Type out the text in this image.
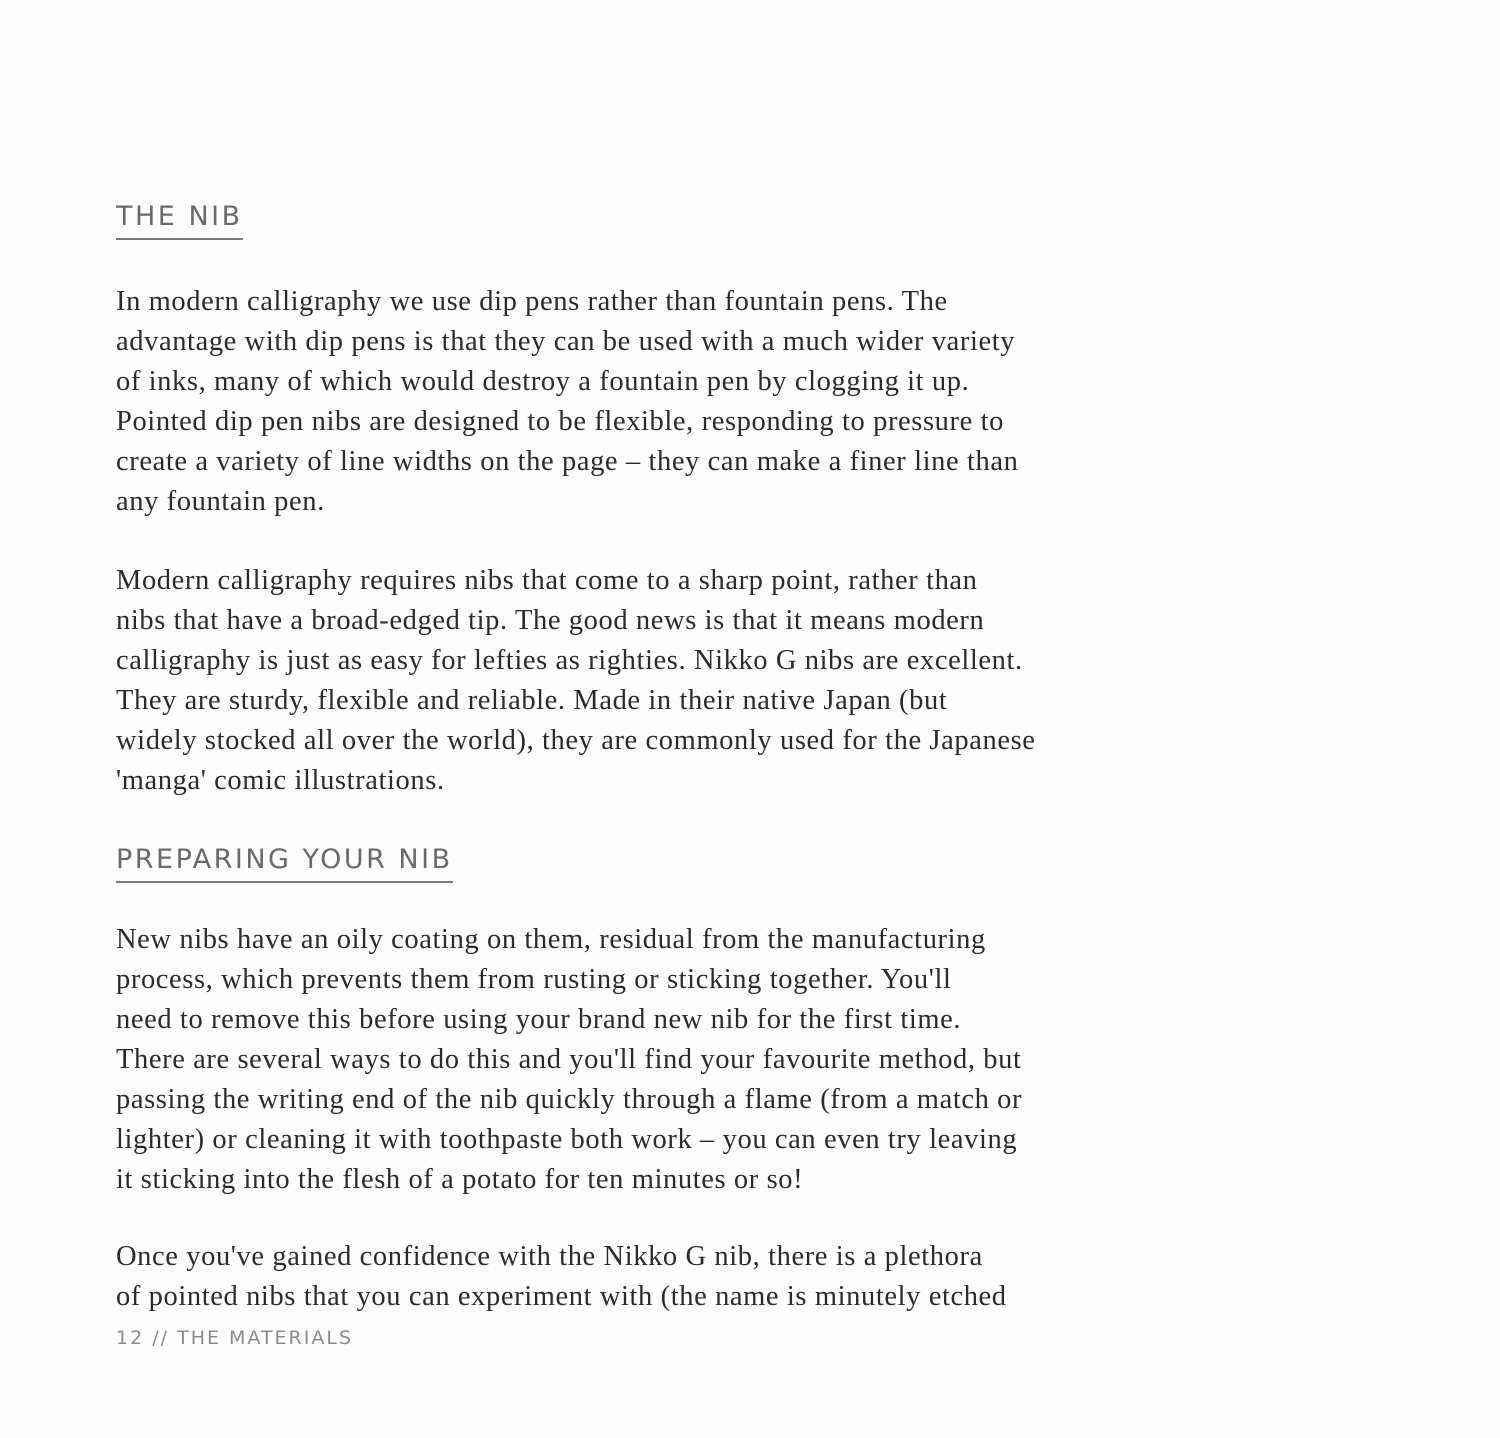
THE NIB

In modern calligraphy we use dip pens rather than fountain pens. The
advantage with dip pens is that they can be used with a much wider variety
of inks, many of which would destroy a fountain pen by clogging it up.
Pointed dip pen nibs are designed to be flexible, responding to pressure to
create a variety of line widths on the page – they can make a finer line than
any fountain pen.

Modern calligraphy requires nibs that come to a sharp point, rather than
nibs that have a broad-edged tip. The good news is that it means modern
calligraphy is just as easy for lefties as righties. Nikko G nibs are excellent.
They are sturdy, flexible and reliable. Made in their native Japan (but
widely stocked all over the world), they are commonly used for the Japanese
'manga' comic illustrations.

PREPARING YOUR NIB

New nibs have an oily coating on them, residual from the manufacturing
process, which prevents them from rusting or sticking together. You'll
need to remove this before using your brand new nib for the first time.
There are several ways to do this and you'll find your favourite method, but
passing the writing end of the nib quickly through a flame (from a match or
lighter) or cleaning it with toothpaste both work – you can even try leaving
it sticking into the flesh of a potato for ten minutes or so!

Once you've gained confidence with the Nikko G nib, there is a plethora
of pointed nibs that you can experiment with (the name is minutely etched

12 // THE MATERIALS
